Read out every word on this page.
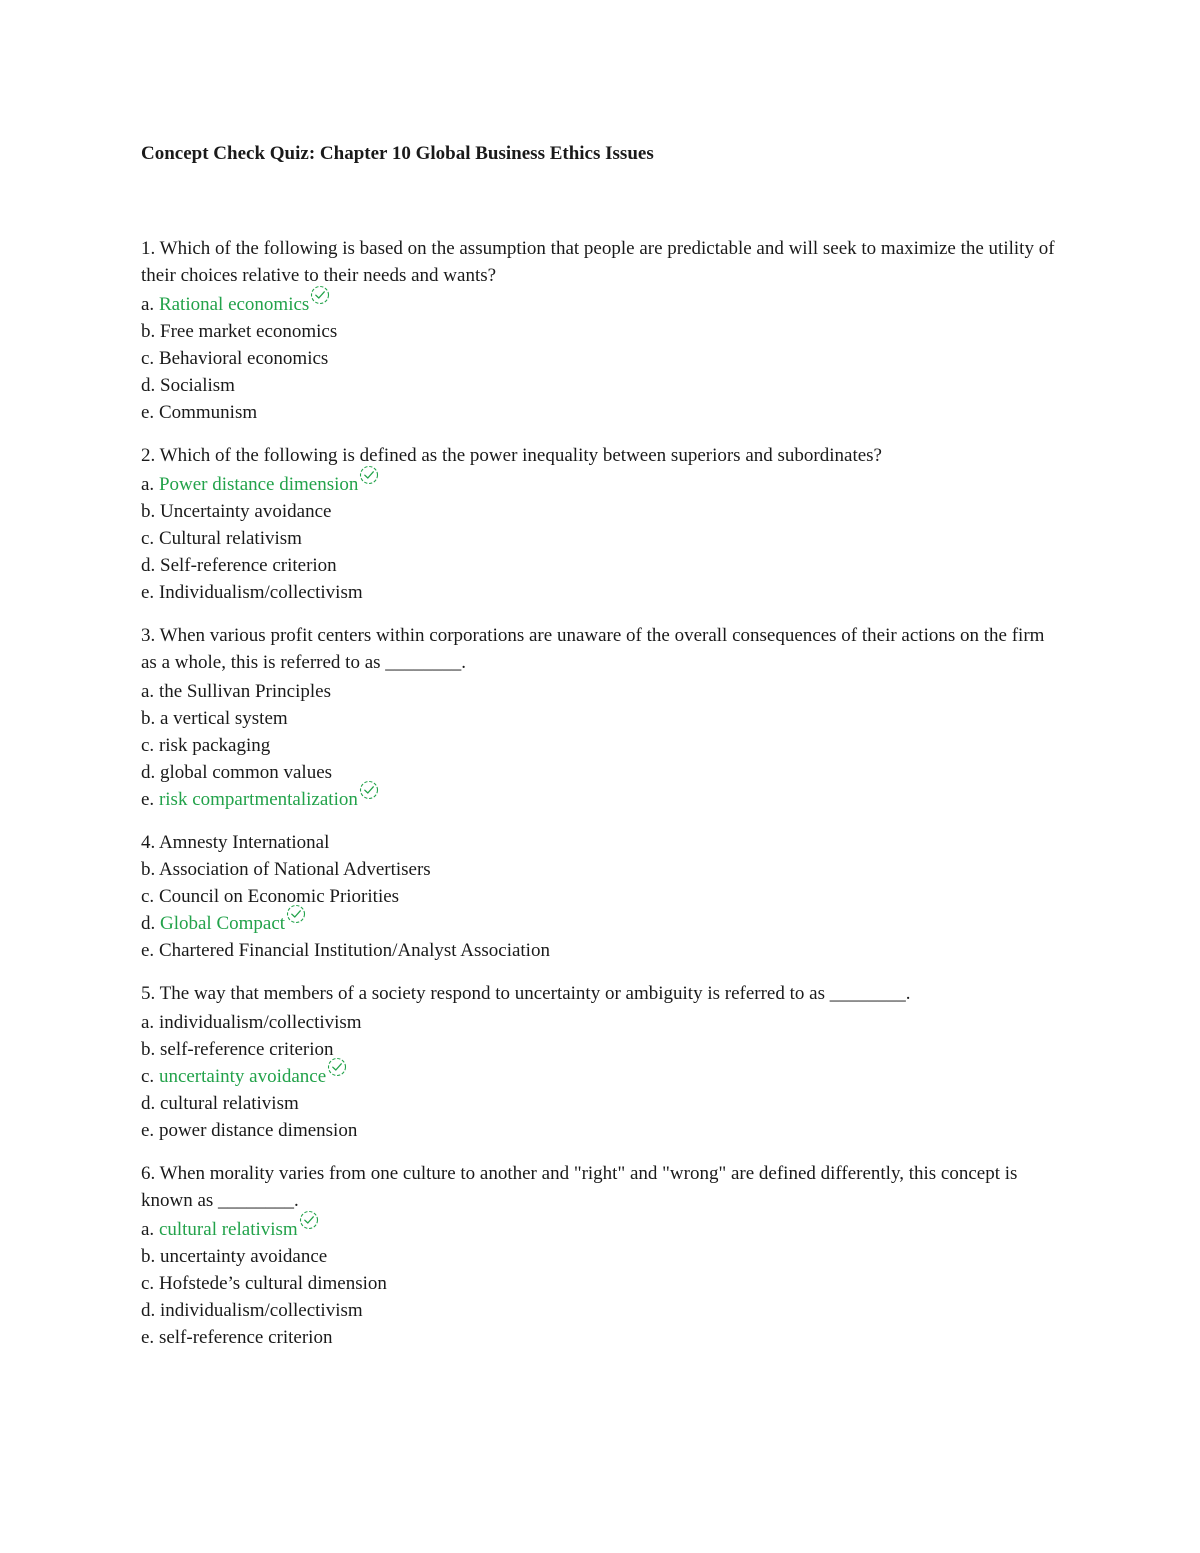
Concept Check Quiz: Chapter 10 Global Business Ethics Issues
1. Which of the following is based on the assumption that people are predictable and will seek to maximize the utility of their choices relative to their needs and wants?
a. Rational economics
b. Free market economics
c. Behavioral economics
d. Socialism
e. Communism
2. Which of the following is defined as the power inequality between superiors and subordinates?
a. Power distance dimension
b. Uncertainty avoidance
c. Cultural relativism
d. Self-reference criterion
e. Individualism/collectivism
3. When various profit centers within corporations are unaware of the overall consequences of their actions on the firm as a whole, this is referred to as ________.
a. the Sullivan Principles
b. a vertical system
c. risk packaging
d. global common values
e. risk compartmentalization
4. Amnesty International
b. Association of National Advertisers
c. Council on Economic Priorities
d. Global Compact
e. Chartered Financial Institution/Analyst Association
5. The way that members of a society respond to uncertainty or ambiguity is referred to as ________.
a. individualism/collectivism
b. self-reference criterion
c. uncertainty avoidance
d. cultural relativism
e. power distance dimension
6. When morality varies from one culture to another and "right" and "wrong" are defined differently, this concept is known as ________.
a. cultural relativism
b. uncertainty avoidance
c. Hofstede’s cultural dimension
d. individualism/collectivism
e. self-reference criterion
